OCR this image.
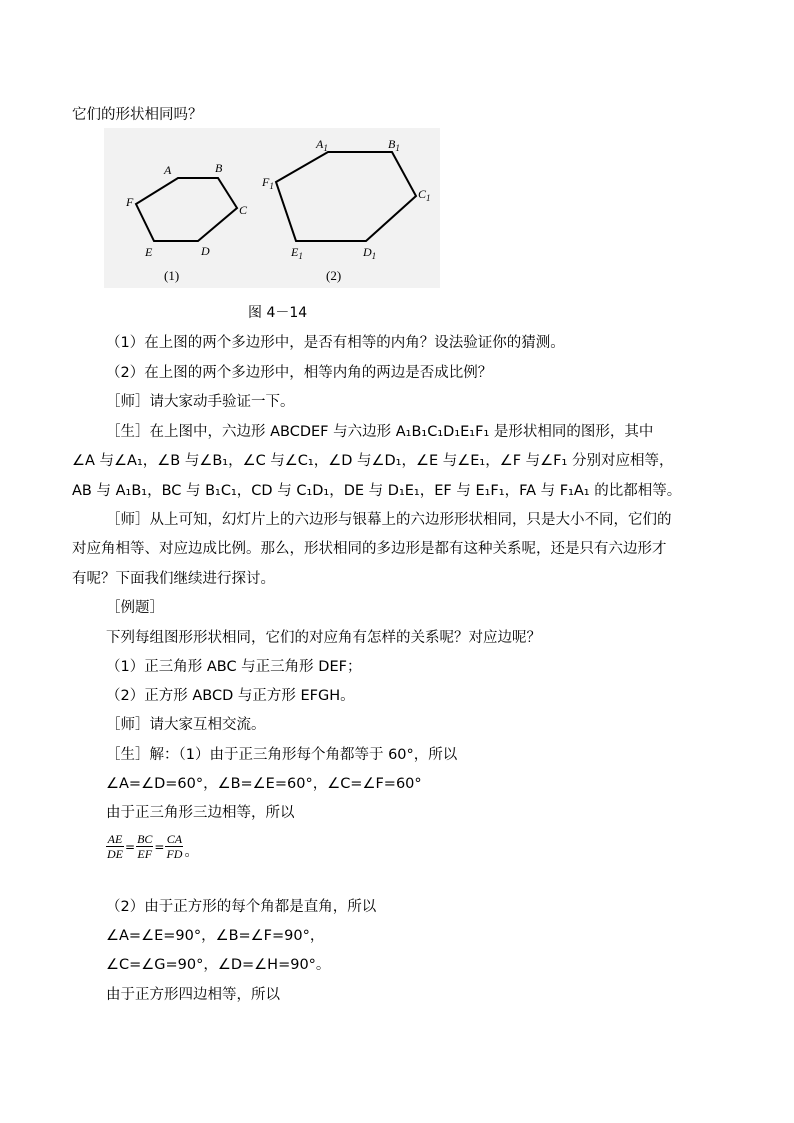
它们的形状相同吗？
A	B
C
D
E
F
(1)
$A_1$	$B_1$
$C_1$
$D_1$
$E_1$
$F_1$
(2)
图 4－14
（1）在上图的两个多边形中，是否有相等的内角？设法验证你的猜测。
（2）在上图的两个多边形中，相等内角的两边是否成比例？
［师］请大家动手验证一下。
［生］在上图中，六边形 ABCDEF 与六边形 A₁B₁C₁D₁E₁F₁ 是形状相同的图形，其中
∠A 与∠A₁，∠B 与∠B₁，∠C 与∠C₁，∠D 与∠D₁，∠E 与∠E₁，∠F 与∠F₁ 分别对应相等，
AB 与 A₁B₁，BC 与 B₁C₁，CD 与 C₁D₁，DE 与 D₁E₁，EF 与 E₁F₁，FA 与 F₁A₁ 的比都相等。
［师］从上可知，幻灯片上的六边形与银幕上的六边形形状相同，只是大小不同，它们的
对应角相等、对应边成比例。那么，形状相同的多边形是都有这种关系呢，还是只有六边形才
有呢？下面我们继续进行探讨。
［例题］
下列每组图形形状相同，它们的对应角有怎样的关系呢？对应边呢？
（1）正三角形 ABC 与正三角形 DEF；
（2）正方形 ABCD 与正方形 EFGH。
［师］请大家互相交流。
［生］解：（1）由于正三角形每个角都等于 60°，所以
∠A=∠D=60°，∠B=∠E=60°，∠C=∠F=60°
由于正三角形三边相等，所以
$\frac{AE}{DE} = \frac{BC}{EF} = \frac{CA}{FD}$ 。
（2）由于正方形的每个角都是直角，所以
∠A=∠E=90°，∠B=∠F=90°，
∠C=∠G=90°，∠D=∠H=90°。
由于正方形四边相等，所以
